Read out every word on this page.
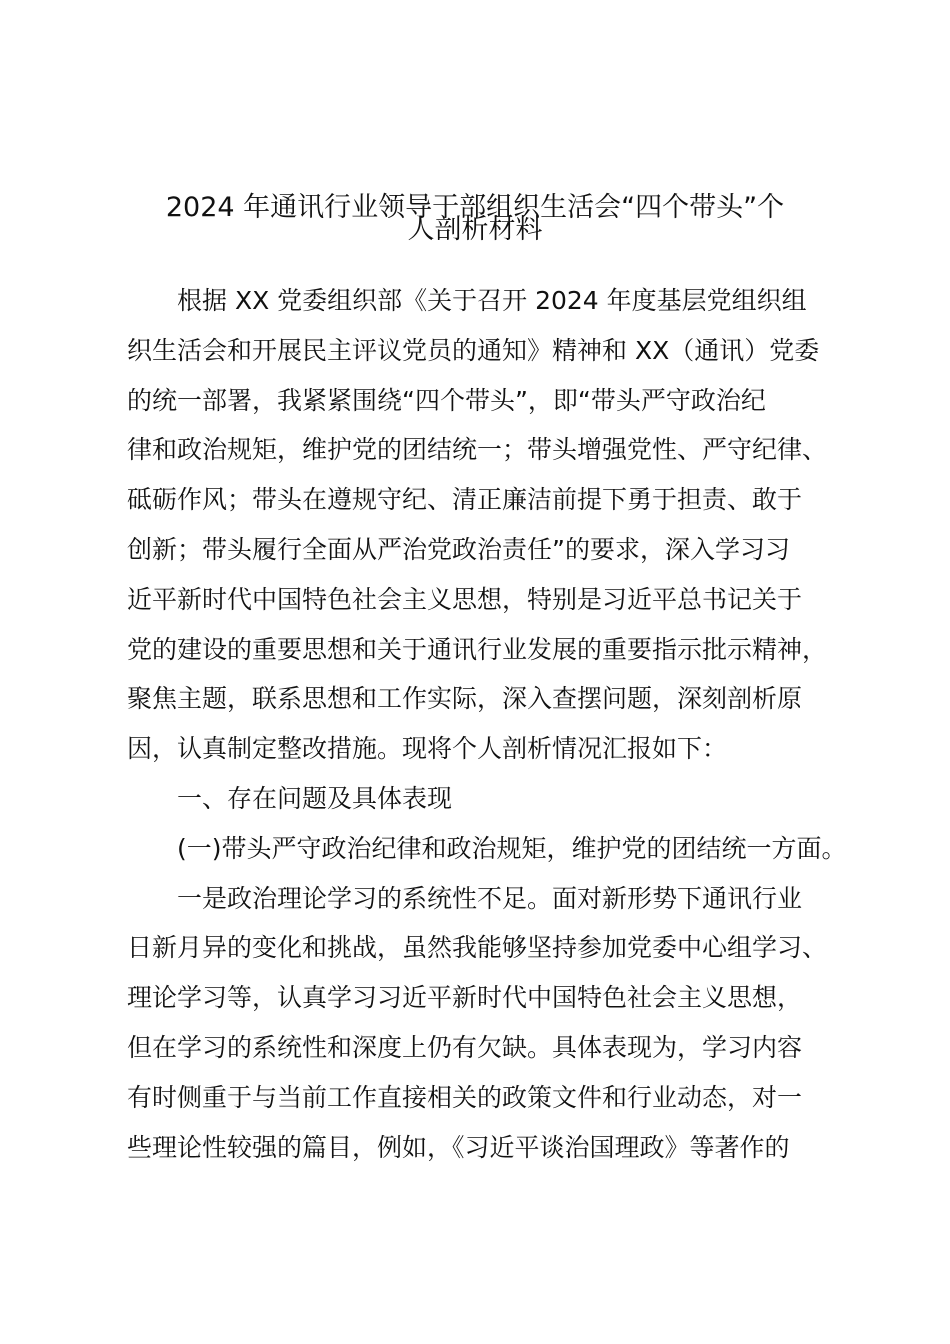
2024 年通讯行业领导干部组织生活会“四个带头”个
人剖析材料

根据 XX 党委组织部《关于召开 2024 年度基层党组织组

织生活会和开展民主评议党员的通知》精神和 XX（通讯）党委

的统一部署，我紧紧围绕“四个带头”，即“带头严守政治纪

律和政治规矩，维护党的团结统一；带头增强党性、严守纪律、

砥砺作风；带头在遵规守纪、清正廉洁前提下勇于担责、敢于

创新；带头履行全面从严治党政治责任”的要求，深入学习习

近平新时代中国特色社会主义思想，特别是习近平总书记关于

党的建设的重要思想和关于通讯行业发展的重要指示批示精神，

聚焦主题，联系思想和工作实际，深入查摆问题，深刻剖析原

因，认真制定整改措施。现将个人剖析情况汇报如下：

一、存在问题及具体表现

(一)带头严守政治纪律和政治规矩，维护党的团结统一方面。

一是政治理论学习的系统性不足。面对新形势下通讯行业

日新月异的变化和挑战，虽然我能够坚持参加党委中心组学习、

理论学习等，认真学习习近平新时代中国特色社会主义思想，

但在学习的系统性和深度上仍有欠缺。具体表现为，学习内容

有时侧重于与当前工作直接相关的政策文件和行业动态，对一

些理论性较强的篇目，例如，《习近平谈治国理政》等著作的
